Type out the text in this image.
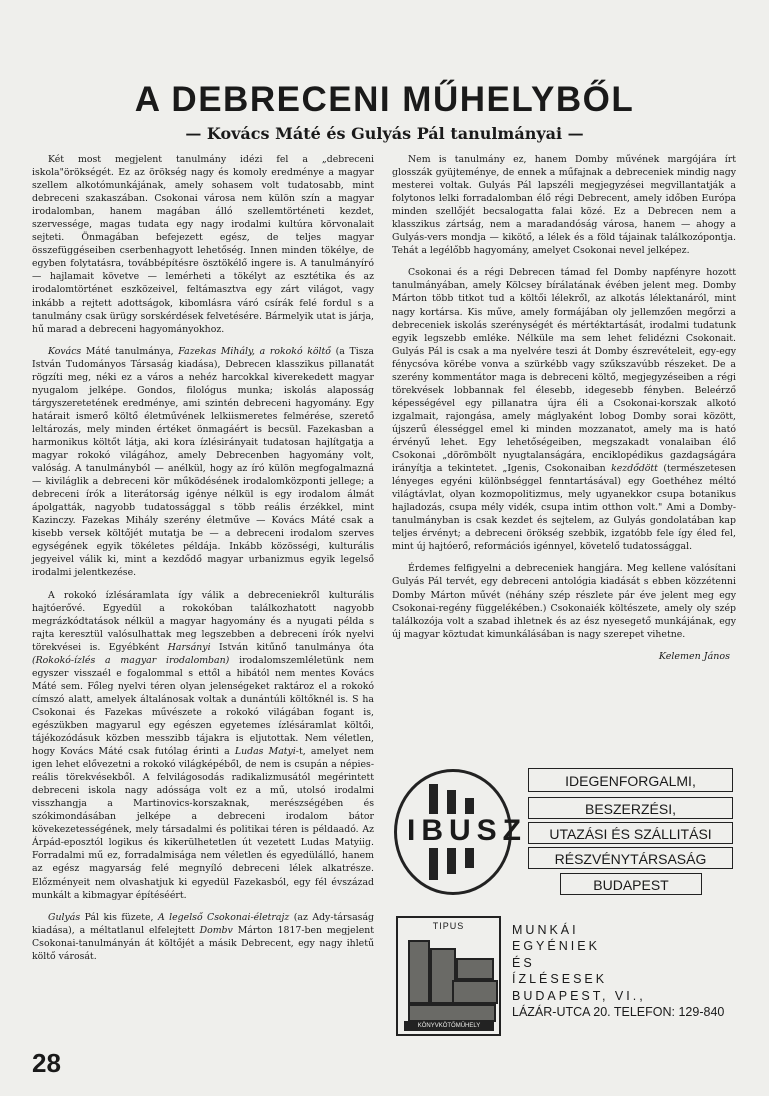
A DEBRECENI MŰHELYBŐL
— Kovács Máté és Gulyás Pál tanulmányai —

Két most megjelent tanulmány idézi fel a „debreceni iskola"örökségét. Ez az örökség nagy és komoly eredménye a magyar szellem alkotómunkájának, amely sohasem volt tudatosabb, mint debreceni szakaszában. Csokonai városa nem külön szín a magyar irodalomban, hanem magában álló szellemtörténeti kezdet, szervessége, magas tudata egy nagy irodalmi kultúra körvonalait sejteti. Önmagában befejezett egész, de teljes magyar összefüggéseiben cserbenhagyott lehetőség. Innen minden tökélye, de egyben folytatásra, továbbépítésre ösztökélő ingere is. A tanulmányíró — hajlamait követve — lemérheti a tökélyt az esztétika és az irodalomtörténet eszközeivel, feltámasztva egy zárt világot, vagy inkább a rejtett adottságok, kibomlásra váró csírák felé fordul s a tanulmány csak ürügy sorskérdések felvetésére. Bármelyik utat is járja, hű marad a debreceni hagyományokhoz.

Kovács Máté tanulmánya, Fazekas Mihály, a rokokó költő (a Tisza István Tudományos Társaság kiadása), Debrecen klasszikus pillanatát rögzíti meg, néki ez a város a nehéz harcokkal kiverekedett magyar nyugalom jelképe. Gondos, filológus munka; iskolás alaposság tárgyszeretetének eredménye, ami szintén debreceni hagyomány. Egy határait ismerő költő életművének lelkiismeretes felmérése, szerető leltározás, mely minden értéket önmagáért is becsül. Fazekasban a harmonikus költőt látja, aki kora ízlésirányait tudatosan hajlítgatja a magyar rokokó világához, amely Debrecenben hagyomány volt, valóság. A tanulmányból — anélkül, hogy az író külön megfogalmazná — kiviláglik a debreceni kör működésének irodalomközponti jellege; a debreceni írók a literátorság igénye nélkül is egy irodalom álmát ápolgatták, nagyobb tudatossággal s több reális érzékkel, mint Kazinczy. Fazekas Mihály szerény életműve — Kovács Máté csak a kisebb versek költőjét mutatja be — a debreceni irodalom szerves egységének egyik tökéletes példája. Inkább közösségi, kulturális jegyeivel válik ki, mint a kezdődő magyar urbanizmus egyik legelső irodalmi jelentkezése.

A rokokó ízlésáramlata így válik a debreceniekről kulturális hajtóerővé. Egyedül a rokokóban találkozhatott nagyobb megrázkódtatások nélkül a magyar hagyomány és a nyugati példa s rajta keresztül valósulhattak meg legszebben a debreceni írók nyelvi törekvései is. Egyébként Harsányi István kitűnő tanulmánya óta (Rokokó-ízlés a magyar irodalomban) irodalomszemléletünk nem egyszer visszaél e fogalommal s ettől a hibától nem mentes Kovács Máté sem. Főleg nyelvi téren olyan jelenségeket raktároz el a rokokó címszó alatt, amelyek általánosak voltak a dunántúli költőknél is. S ha Csokonai és Fazekas művészete a rokokó világában fogant is, egészükben magyarul egy egészen egyetemes ízlésáramlat költői, tájékozódásuk közben messzibb tájakra is eljutottak. Nem véletlen, hogy Kovács Máté csak futólag érinti a Ludas Matyi-t, amelyet nem igen lehet elővezetni a rokokó világképéből, de nem is csupán a népies-reális törekvésekből. A felvilágosodás radikalizmusától megérintett debreceni iskola nagy adóssága volt ez a mű, utolsó irodalmi visszhangja a Martinovics-korszaknak, merészségében és szókimondásában jelképe a debreceni irodalom bátor kövekezetességének, mely társadalmi és politikai téren is példaadó. Az Árpád-eposztól logikus és kikerülhetetlen út vezetett Ludas Matyiig. Forradalmi mű ez, forradalmisága nem véletlen és egyedülálló, hanem az egész magyarság felé megnyíló debreceni lélek alkatrésze. Előzményeit nem olvashatjuk ki egyedül Fazekasból, egy fél évszázad munkált a kibmagyar építéséért.

Gulyás Pál kis füzete, A legelső Csokonai-életrajz (az Ady-társaság kiadása), a méltatlanul elfelejtett Dombv Márton 1817-ben megjelent Csokonai-tanulmányán át költőjét a másik Debrecent, egy nagy ihletű költő városát.

Nem is tanulmány ez, hanem Domby művének margójára írt glosszák gyüjteménye, de ennek a műfajnak a debreceniek mindig nagy mesterei voltak. Gulyás Pál lapszéli megjegyzései megvillantatják a folytonos lelki forradalomban élő régi Debrecent, amely időben Európa minden szellőjét becsalogatta falai közé. Ez a Debrecen nem a klasszikus zártság, nem a maradandóság városa, hanem — ahogy a Gulyás-vers mondja — kikötő, a lélek és a föld tájainak találkozópontja. Tehát a legélőbb hagyomány, amelyet Csokonai nevel jelképez.

Csokonai és a régi Debrecen támad fel Domby napfényre hozott tanulmányában, amely Kölcsey bírálatának évében jelent meg. Domby Márton több titkot tud a költői lélekről, az alkotás lélektanáról, mint nagy kortársa. Kis műve, amely formájában oly jellemzően megőrzi a debreceniek iskolás szerénységét és mértéktartását, irodalmi tudatunk egyik legszebb emléke. Nélküle ma sem lehet felidézni Csokonait. Gulyás Pál is csak a ma nyelvére teszi át Domby észrevételeit, egy-egy fénycsóva körébe vonva a szürkébb vagy szűkszavúbb részeket. De a szerény kommentátor maga is debreceni költő, megjegyzéseiben a régi törekvések lobbannak fel élesebb, idegesebb fényben. Beleérző képességével egy pillanatra újra éli a Csokonai-korszak alkotó izgalmait, rajongása, amely máglyaként lobog Domby sorai között, újszerű élességgel emel ki minden mozzanatot, amely ma is ható érvényű lehet. Egy lehetőségeiben, megszakadt vonalaiban élő Csokonai „dörömbölt nyugtalanságára, enciklopédikus gazdagságára irányítja a tekintetet. „Igenis, Csokonaiban kezdődött (természetesen lényeges egyéni különbséggel fenntartásával) egy Goethéhez méltó világtávlat, olyan kozmopolitizmus, mely ugyanekkor csupa botanikus hajladozás, csupa mély vidék, csupa intim otthon volt." Ami a Domby-tanulmányban is csak kezdet és sejtelem, az Gulyás gondolatában kap teljes érvényt; a debreceni örökség szebbik, izgatóbb fele így éled fel, mint új hajtóerő, reformációs igénnyel, követelő tudatossággal.

Érdemes felfigyelni a debreceniek hangjára. Meg kellene valósítani Gulyás Pál tervét, egy debreceni antológia kiadását s ebben közzétenni Domby Márton művét (néhány szép részlete pár éve jelent meg egy Csokonai-regény függelékében.) Csokonaiék költészete, amely oly szép találkozója volt a szabad ihletnek és az ész nyesegető munkájának, egy új magyar köztudat kimunkálásában is nagy szerepet vihetne.

Kelemen János
IBUSZ
IDEGENFORGALMI,
BESZERZÉSI,
UTAZÁSI ÉS SZÁLLITÁSI
RÉSZVÉNYTÁRSASÁG
BUDAPEST
TIPUS
KÖNYVKÖTŐMŰHELY
MUNKÁI
EGYÉNIEK
ÉS
ÍZLÉSESEK
BUDAPEST, VI.,
LÁZÁR-UTCA 20. TELEFON: 129-840
28
